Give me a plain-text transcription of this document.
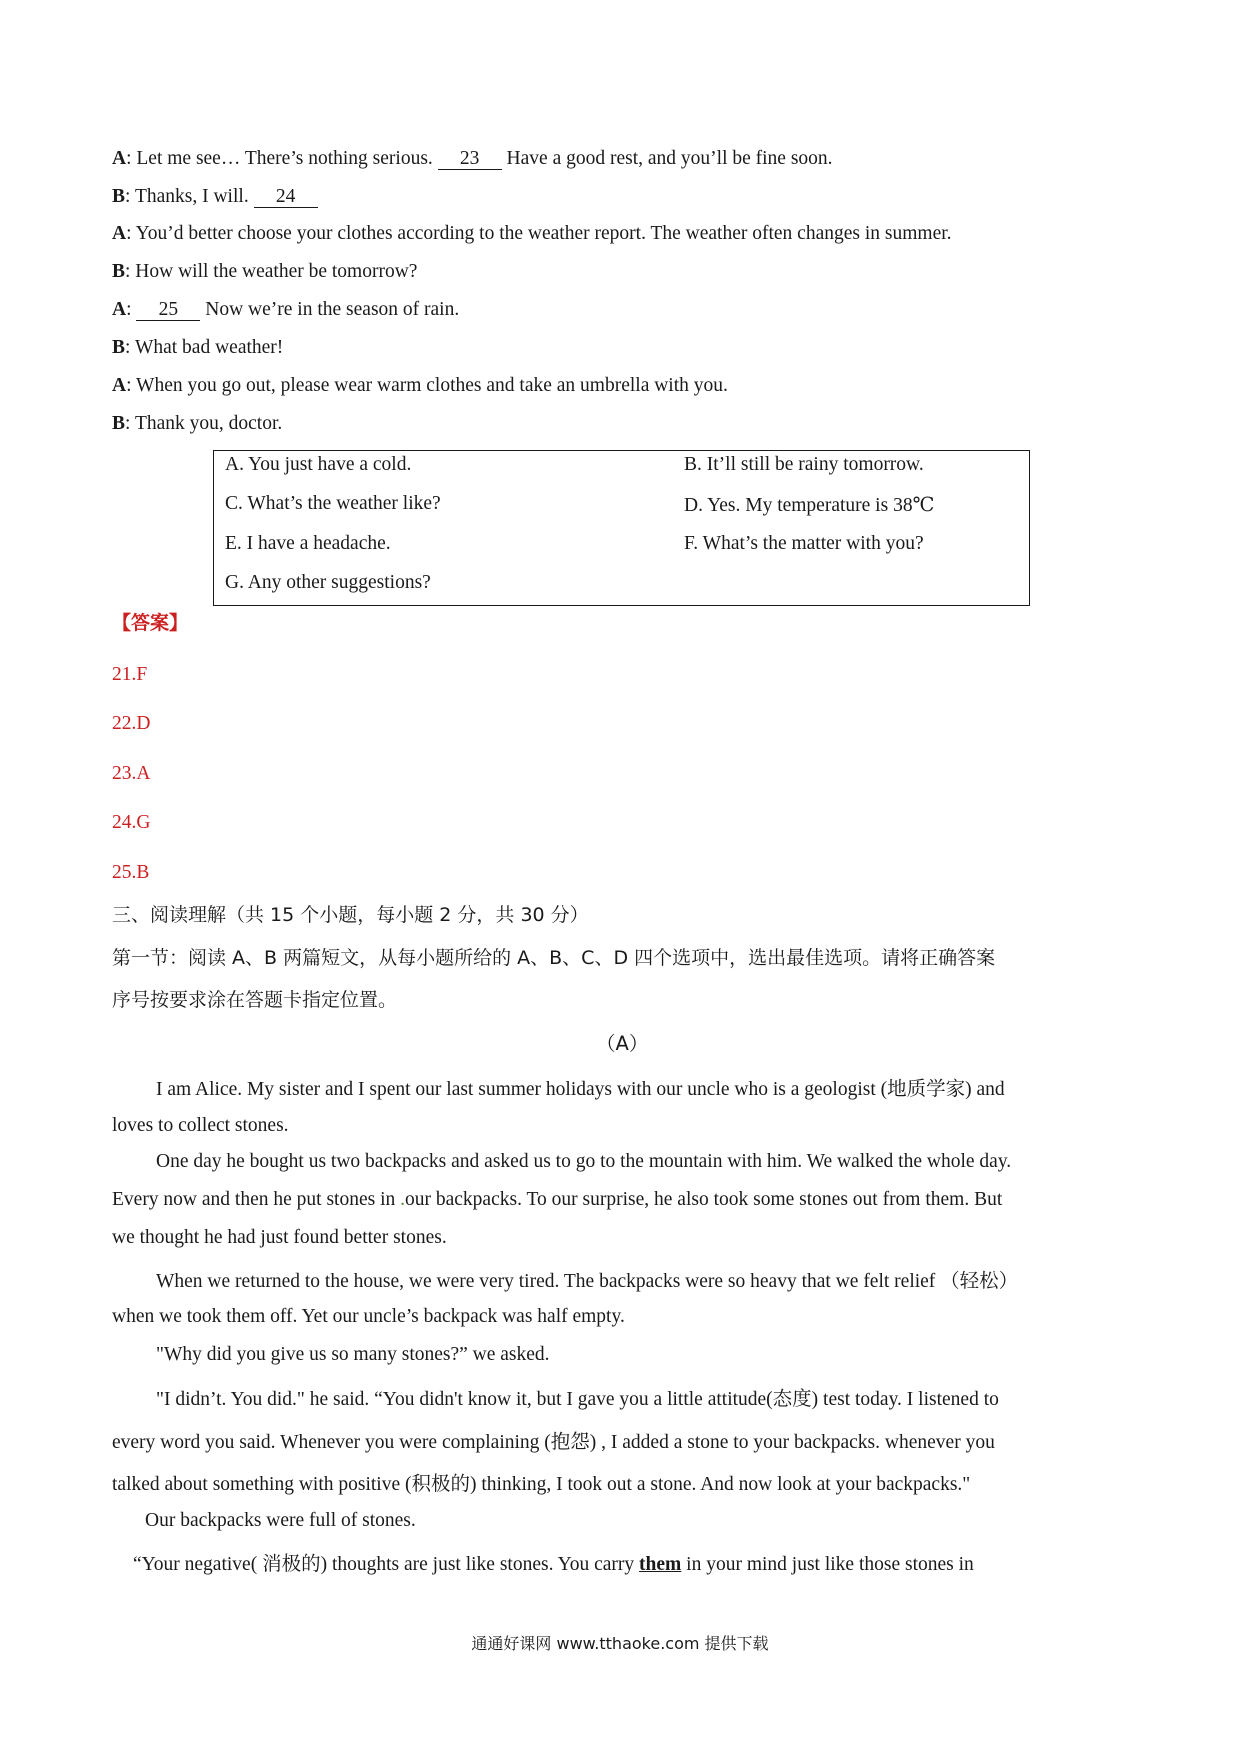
A: Let me see… There’s nothing serious. 23 Have a good rest, and you’ll be fine soon.
B: Thanks, I will. 24
A: You’d better choose your clothes according to the weather report. The weather often changes in summer.
B: How will the weather be tomorrow?
A: 25 Now we’re in the season of rain.
B: What bad weather!
A: When you go out, please wear warm clothes and take an umbrella with you.
B: Thank you, doctor.
A. You just have a cold.	B. It’ll still be rainy tomorrow.
C. What’s the weather like?	D. Yes. My temperature is 38℃
E. I have a headache.	F. What’s the matter with you?
G. Any other suggestions?
【答案】
21.F
22.D
23.A
24.G
25.B
三、阅读理解（共 15 个小题，每小题 2 分，共 30 分）
第一节：阅读 A、B 两篇短文，从每小题所给的 A、B、C、D 四个选项中，选出最佳选项。请将正确答案
序号按要求涂在答题卡指定位置。
（A）
I am Alice. My sister and I spent our last summer holidays with our uncle who is a geologist (地质学家) and
loves to collect stones.
One day he bought us two backpacks and asked us to go to the mountain with him. We walked the whole day.
Every now and then he put stones in .our backpacks. To our surprise, he also took some stones out from them. But
we thought he had just found better stones.
When we returned to the house, we were very tired. The backpacks were so heavy that we felt relief （轻松）
when we took them off. Yet our uncle’s backpack was half empty.
"Why did you give us so many stones?” we asked.
"I didn’t. You did." he said. “You didn't know it, but I gave you a little attitude(态度) test today. I listened to
every word you said. Whenever you were complaining (抱怨) , I added a stone to your backpacks. whenever you
talked about something with positive (积极的) thinking, I took out a stone. And now look at your backpacks."
Our backpacks were full of stones.
“Your negative( 消极的) thoughts are just like stones. You carry them in your mind just like those stones in
通通好课网 www.tthaoke.com 提供下载
